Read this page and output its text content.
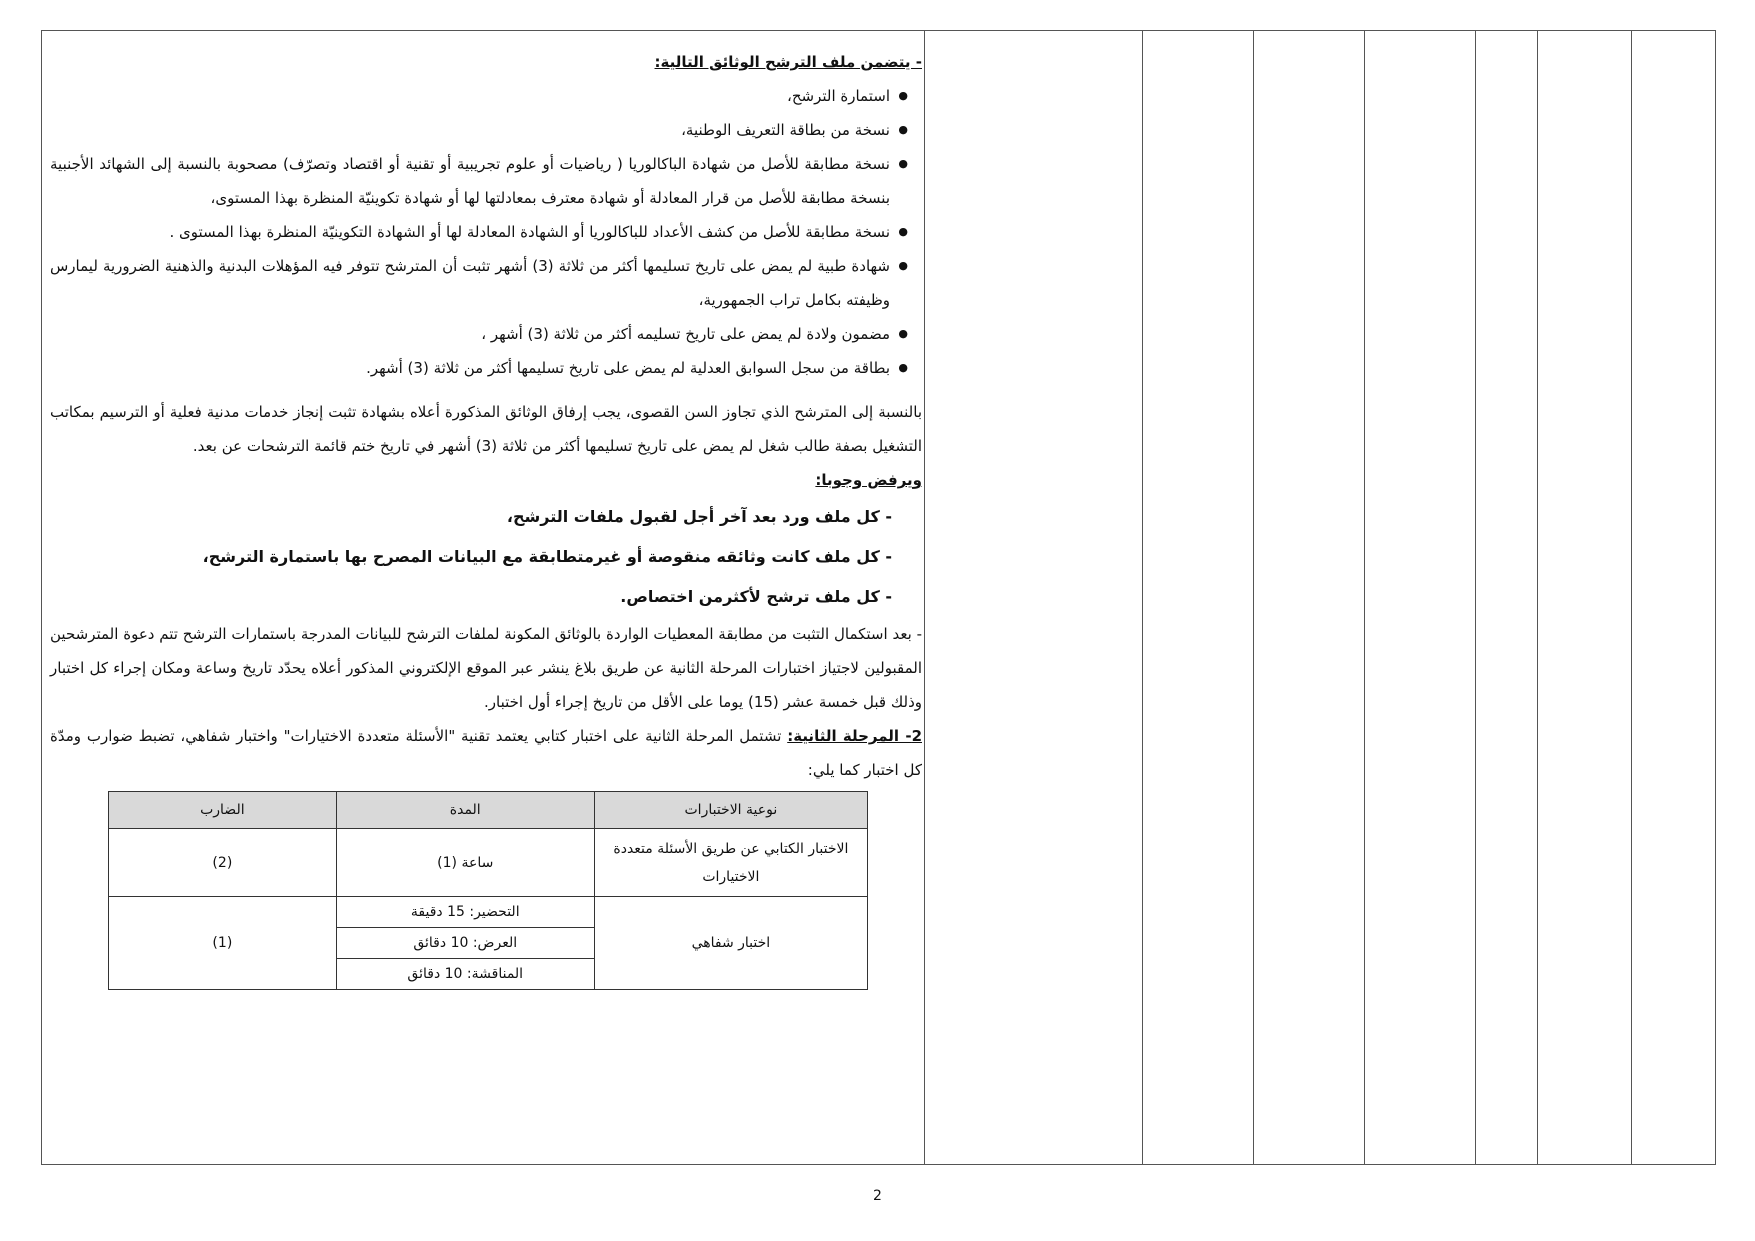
- يتضمن ملف الترشح الوثائق التالية:

● استمارة الترشح،

● نسخة من بطاقة التعريف الوطنية،

● نسخة مطابقة للأصل من شهادة الباكالوريا ( رياضيات أو علوم تجريبية أو تقنية أو اقتصاد وتصرّف) مصحوبة بالنسبة إلى الشهائد الأجنبية بنسخة مطابقة للأصل من قرار المعادلة أو شهادة معترف بمعادلتها لها أو شهادة تكوينيّة المنظرة بهذا المستوى،

● نسخة مطابقة للأصل من كشف الأعداد للباكالوريا أو الشهادة المعادلة لها أو الشهادة التكوينيّة المنظرة بهذا المستوى .

● شهادة طبية لم يمض على تاريخ تسليمها أكثر من ثلاثة (3) أشهر تثبت أن المترشح تتوفر فيه المؤهلات البدنية والذهنية الضرورية ليمارس وظيفته بكامل تراب الجمهورية،

● مضمون ولادة لم يمض على تاريخ تسليمه أكثر من ثلاثة (3) أشهر ،

● بطاقة من سجل السوابق العدلية لم يمض على تاريخ تسليمها أكثر من ثلاثة (3) أشهر.

بالنسبة إلى المترشح الذي تجاوز السن القصوى، يجب إرفاق الوثائق المذكورة أعلاه بشهادة تثبت إنجاز خدمات مدنية فعلية أو الترسيم بمكاتب التشغيل بصفة طالب شغل لم يمض على تاريخ تسليمها أكثر من ثلاثة (3) أشهر في تاريخ ختم قائمة الترشحات عن بعد.

ويرفض وجوبا:

- كل ملف ورد بعد آخر أجل لقبول ملفات الترشح،

- كل ملف كانت وثائقه منقوصة أو غيرمتطابقة مع البيانات المصرح بها باستمارة الترشح،

- كل ملف ترشح لأكثرمن اختصاص.

- بعد استكمال التثبت من مطابقة المعطيات الواردة بالوثائق المكونة لملفات الترشح للبيانات المدرجة باستمارات الترشح تتم دعوة المترشحين المقبولين لاجتياز اختبارات المرحلة الثانية عن طريق بلاغ ينشر عبر الموقع الإلكتروني المذكور أعلاه يحدّد تاريخ وساعة ومكان إجراء كل اختبار وذلك قبل خمسة عشر (15) يوما على الأقل من تاريخ إجراء أول اختبار.

2- المرحلة الثانية: تشتمل المرحلة الثانية على اختبار كتابي يعتمد تقنية "الأسئلة متعددة الاختيارات" واختبار شفاهي، تضبط ضوارب ومدّة كل اختبار كما يلي:

نوعية الاختبارات	المدة	الضارب
الاختبار الكتابي عن طريق الأسئلة متعددة الاختيارات	ساعة (1)	(2)
اختبار شفاهي	التحضير: 15 دقيقة
العرض: 10 دقائق
المناقشة: 10 دقائق	(1)
2
